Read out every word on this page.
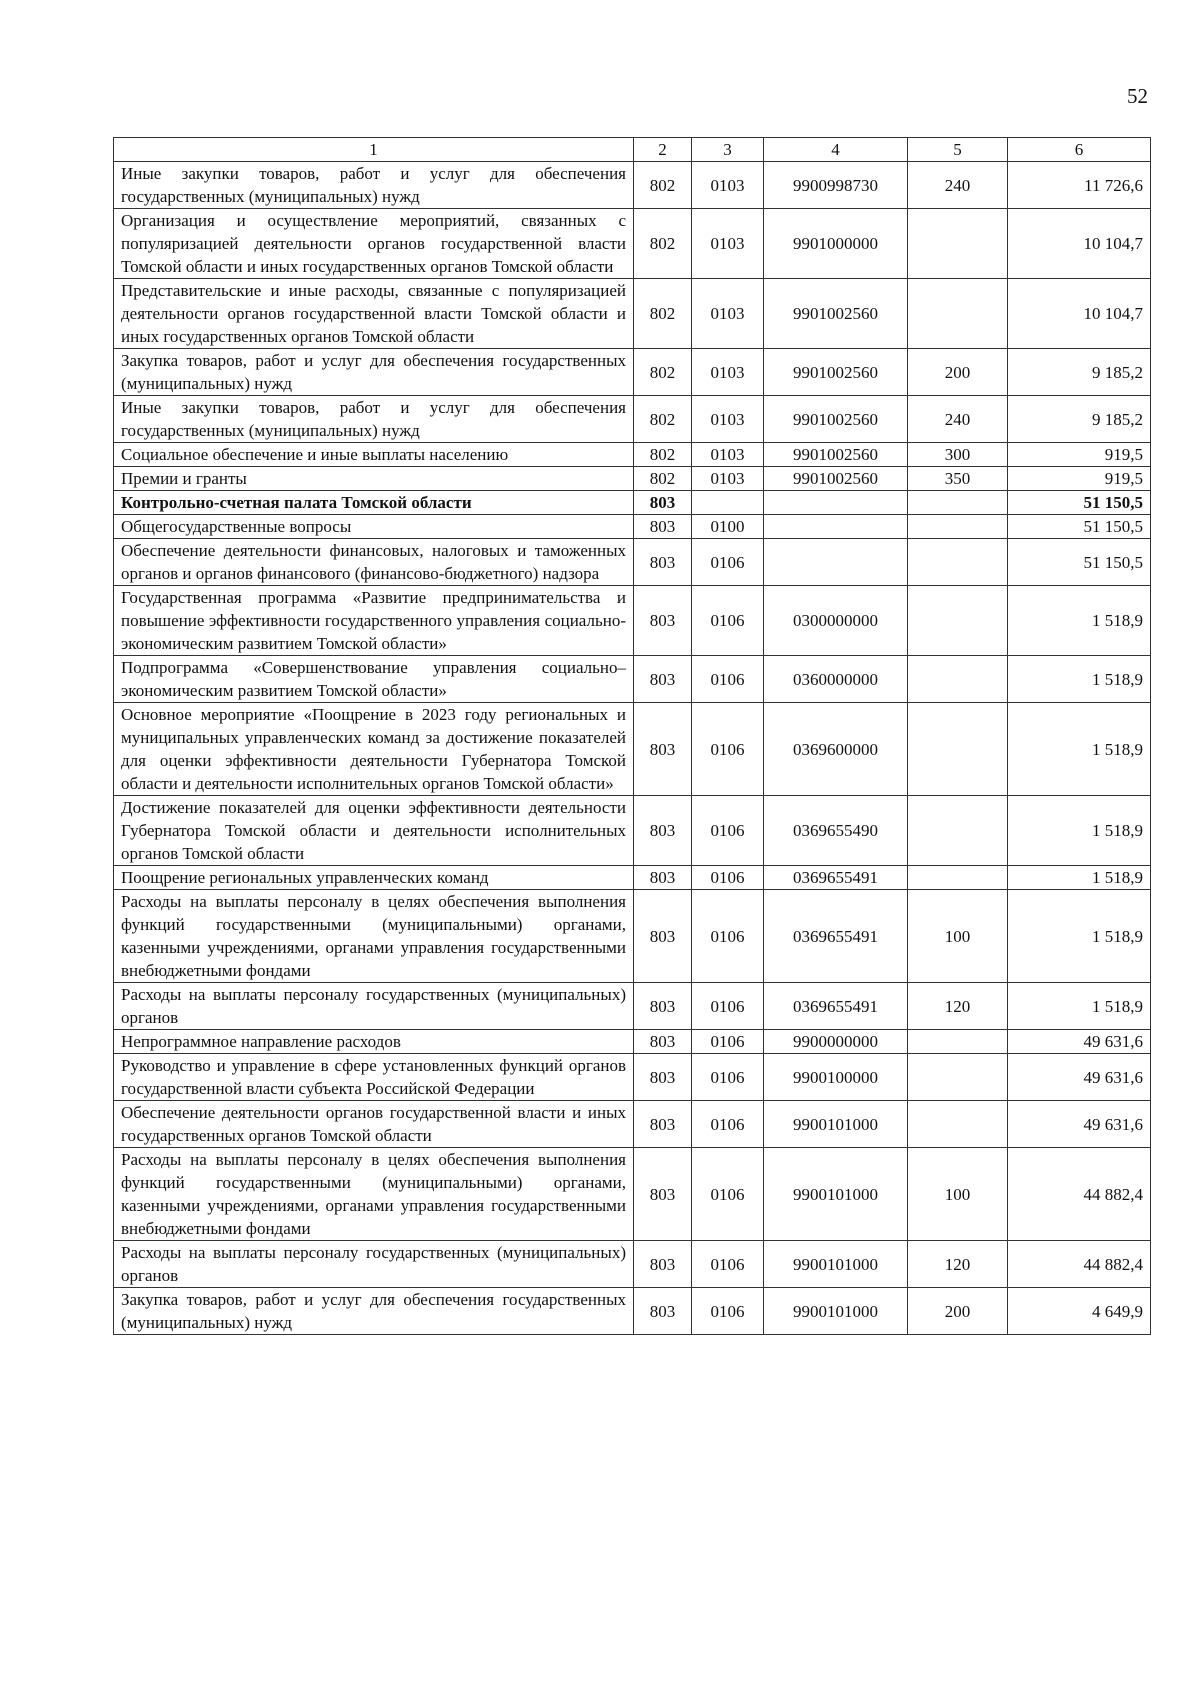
52
1	2	3	4	5	6
Иные закупки товаров, работ и услуг для обеспечения государственных (муниципальных) нужд	802	0103	9900998730	240	11 726,6
Организация и осуществление мероприятий, связанных с популяризацией деятельности органов государственной власти Томской области и иных государственных органов Томской области	802	0103	9901000000		10 104,7
Представительские и иные расходы, связанные с популяризацией деятельности органов государственной власти Томской области и иных государственных органов Томской области	802	0103	9901002560		10 104,7
Закупка товаров, работ и услуг для обеспечения государственных (муниципальных) нужд	802	0103	9901002560	200	9 185,2
Иные закупки товаров, работ и услуг для обеспечения государственных (муниципальных) нужд	802	0103	9901002560	240	9 185,2
Социальное обеспечение и иные выплаты населению	802	0103	9901002560	300	919,5
Премии и гранты	802	0103	9901002560	350	919,5
Контрольно-счетная палата Томской области	803				51 150,5
Общегосударственные вопросы	803	0100			51 150,5
Обеспечение деятельности финансовых, налоговых и таможенных органов и органов финансового (финансово-бюджетного) надзора	803	0106			51 150,5
Государственная программа «Развитие предпринимательства и повышение эффективности государственного управления социально-экономическим развитием Томской области»	803	0106	0300000000		1 518,9
Подпрограмма «Совершенствование управления социально–экономическим развитием Томской области»	803	0106	0360000000		1 518,9
Основное мероприятие «Поощрение в 2023 году региональных и муниципальных управленческих команд за достижение показателей для оценки эффективности деятельности Губернатора Томской области и деятельности исполнительных органов Томской области»	803	0106	0369600000		1 518,9
Достижение показателей для оценки эффективности деятельности Губернатора Томской области и деятельности исполнительных органов Томской области	803	0106	0369655490		1 518,9
Поощрение региональных управленческих команд	803	0106	0369655491		1 518,9
Расходы на выплаты персоналу в целях обеспечения выполнения функций государственными (муниципальными) органами, казенными учреждениями, органами управления государственными внебюджетными фондами	803	0106	0369655491	100	1 518,9
Расходы на выплаты персоналу государственных (муниципальных) органов	803	0106	0369655491	120	1 518,9
Непрограммное направление расходов	803	0106	9900000000		49 631,6
Руководство и управление в сфере установленных функций органов государственной власти субъекта Российской Федерации	803	0106	9900100000		49 631,6
Обеспечение деятельности органов государственной власти и иных государственных органов Томской области	803	0106	9900101000		49 631,6
Расходы на выплаты персоналу в целях обеспечения выполнения функций государственными (муниципальными) органами, казенными учреждениями, органами управления государственными внебюджетными фондами	803	0106	9900101000	100	44 882,4
Расходы на выплаты персоналу государственных (муниципальных) органов	803	0106	9900101000	120	44 882,4
Закупка товаров, работ и услуг для обеспечения государственных (муниципальных) нужд	803	0106	9900101000	200	4 649,9
